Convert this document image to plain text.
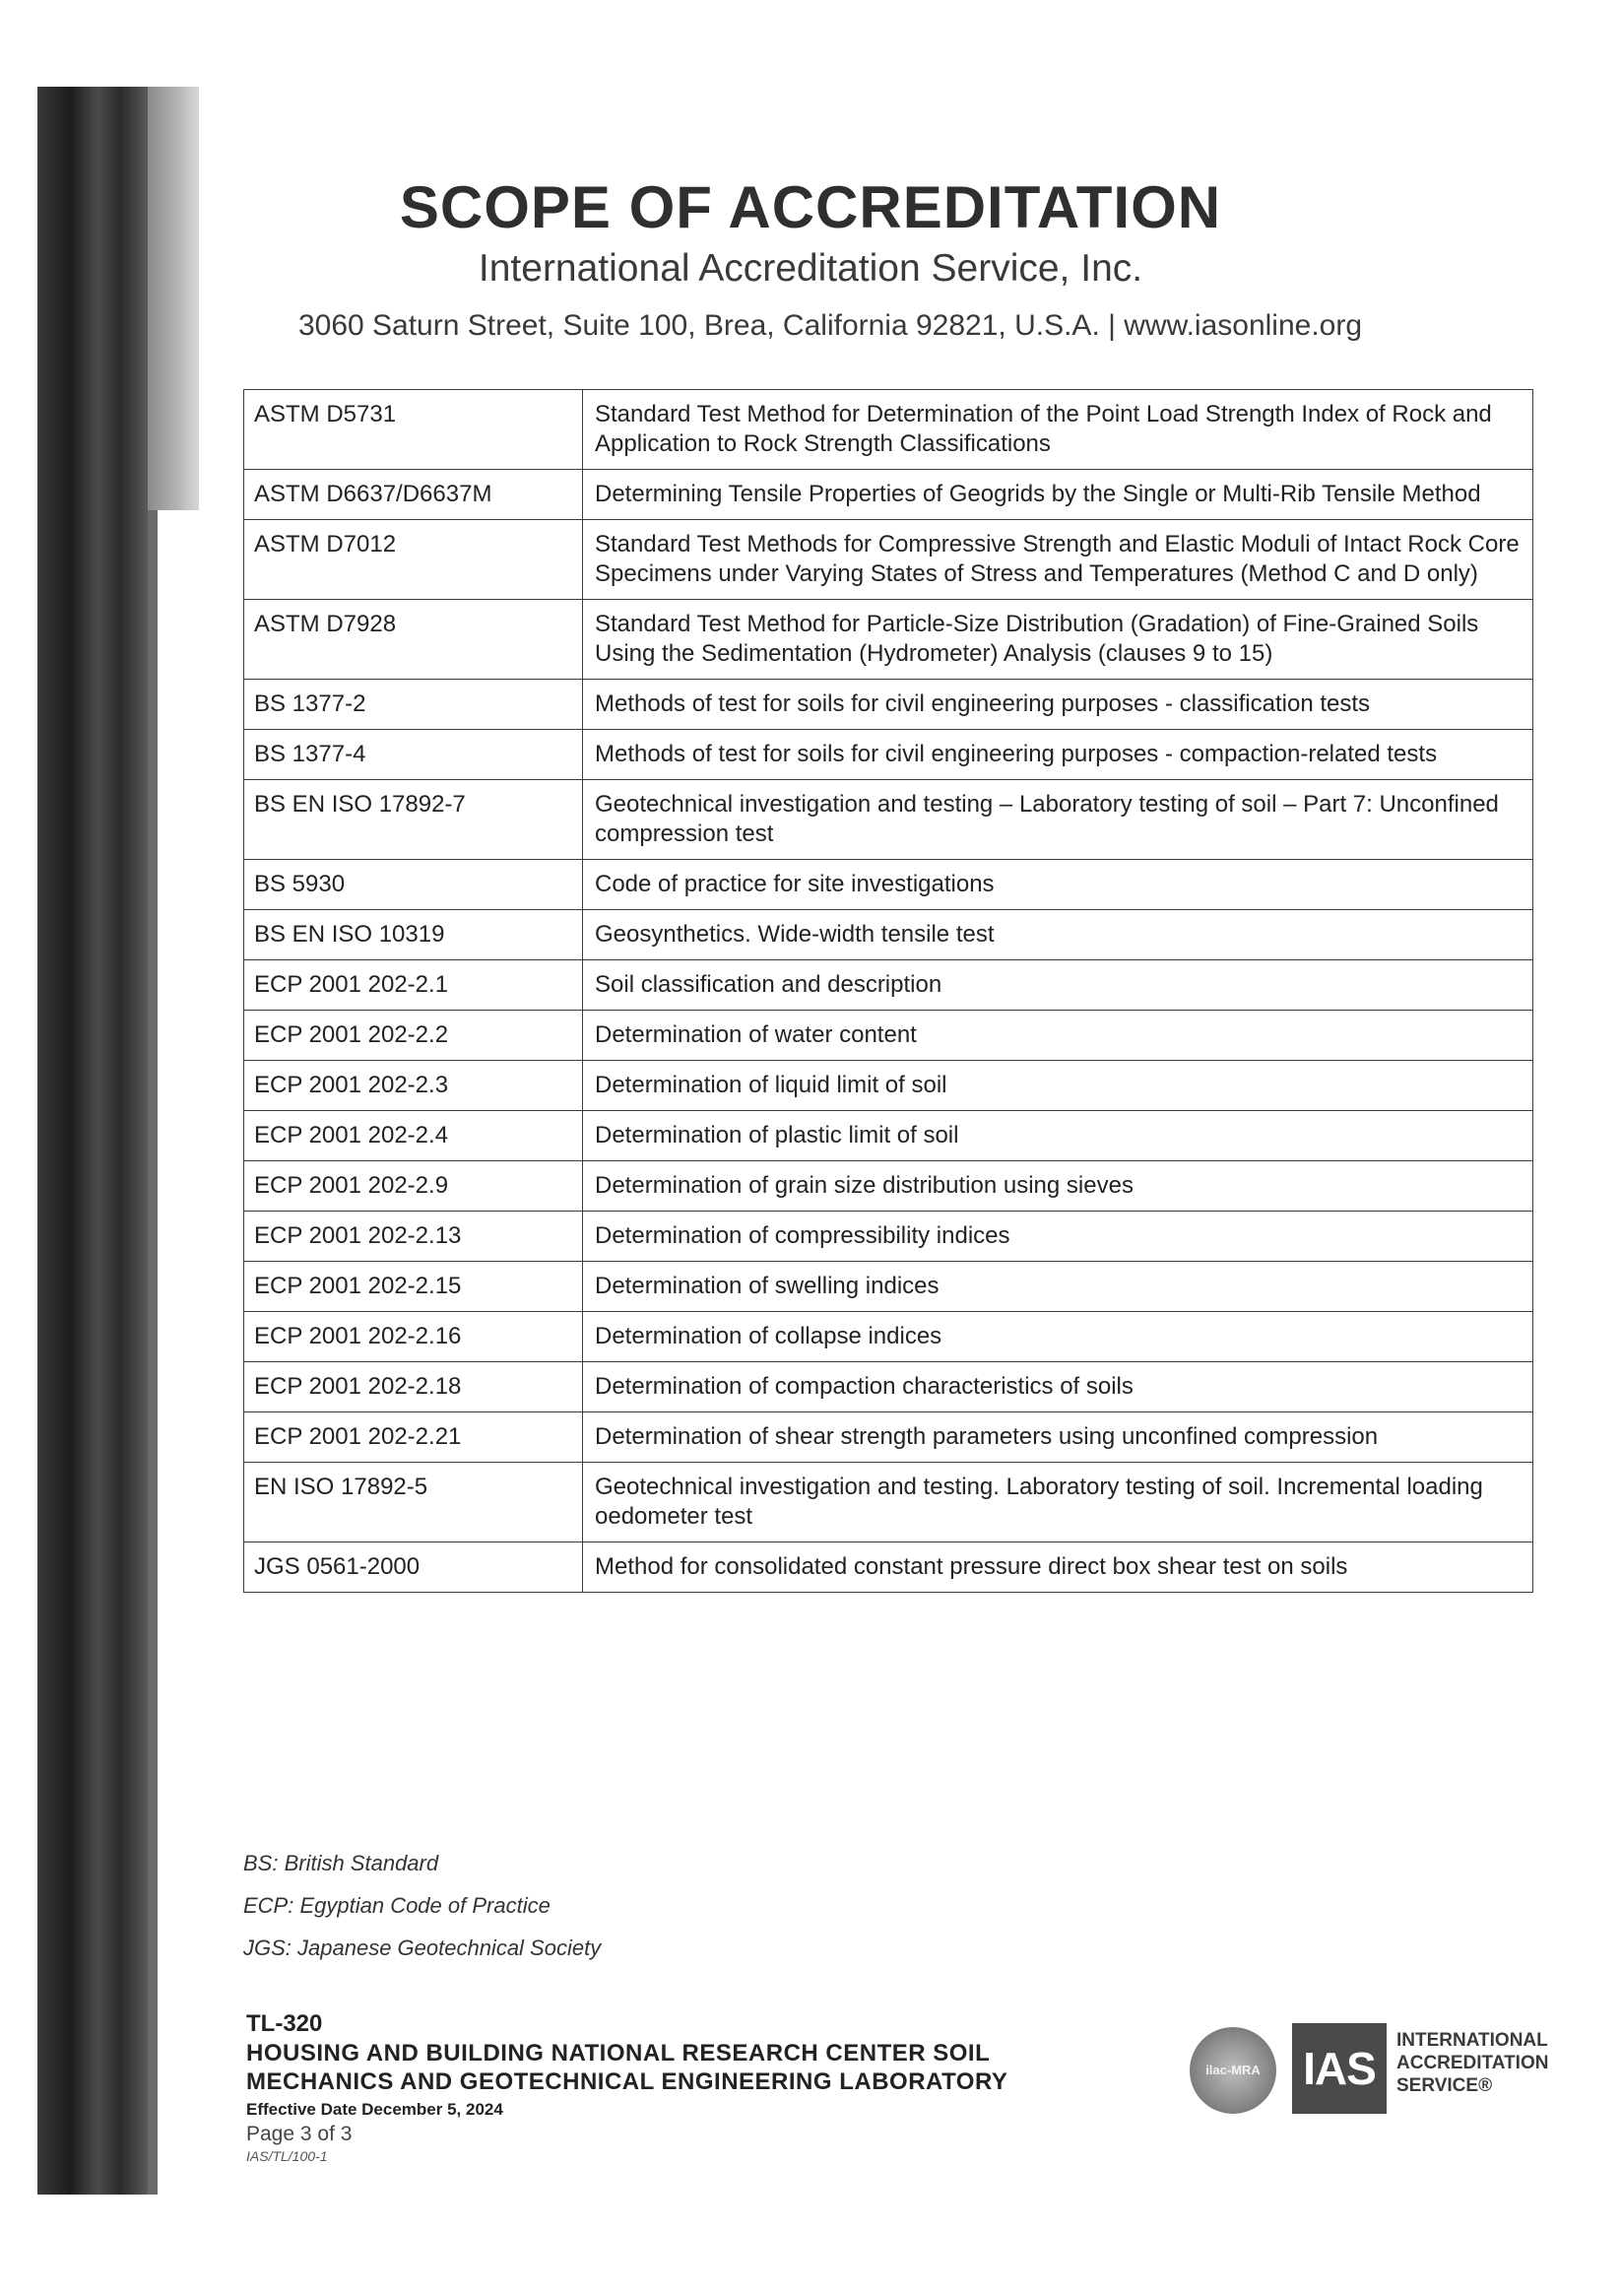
SCOPE OF ACCREDITATION
International Accreditation Service, Inc.
3060 Saturn Street, Suite 100, Brea, California 92821, U.S.A. | www.iasonline.org
ASTM D5731	Standard Test Method for Determination of the Point Load Strength Index of Rock and Application to Rock Strength Classifications
ASTM D6637/D6637M	Determining Tensile Properties of Geogrids by the Single or Multi-Rib Tensile Method
ASTM D7012	Standard Test Methods for Compressive Strength and Elastic Moduli of Intact Rock Core Specimens under Varying States of Stress and Temperatures (Method C and D only)
ASTM D7928	Standard Test Method for Particle-Size Distribution (Gradation) of Fine-Grained Soils Using the Sedimentation (Hydrometer) Analysis (clauses 9 to 15)
BS 1377-2	Methods of test for soils for civil engineering purposes - classification tests
BS 1377-4	Methods of test for soils for civil engineering purposes - compaction-related tests
BS EN ISO 17892-7	Geotechnical investigation and testing – Laboratory testing of soil – Part 7: Unconfined compression test
BS 5930	Code of practice for site investigations
BS EN ISO 10319	Geosynthetics. Wide-width tensile test
ECP 2001 202-2.1	Soil classification and description
ECP 2001 202-2.2	Determination of water content
ECP 2001 202-2.3	Determination of liquid limit of soil
ECP 2001 202-2.4	Determination of plastic limit of soil
ECP 2001 202-2.9	Determination of grain size distribution using sieves
ECP 2001 202-2.13	Determination of compressibility indices
ECP 2001 202-2.15	Determination of swelling indices
ECP 2001 202-2.16	Determination of collapse indices
ECP 2001 202-2.18	Determination of compaction characteristics of soils
ECP 2001 202-2.21	Determination of shear strength parameters using unconfined compression
EN ISO 17892-5	Geotechnical investigation and testing. Laboratory testing of soil. Incremental loading oedometer test
JGS 0561-2000	Method for consolidated constant pressure direct box shear test on soils
BS: British Standard
ECP: Egyptian Code of Practice
JGS: Japanese Geotechnical Society
TL-320
HOUSING AND BUILDING NATIONAL RESEARCH CENTER SOIL
MECHANICS AND GEOTECHNICAL ENGINEERING LABORATORY
Effective Date December 5, 2024
Page 3 of 3
IAS/TL/100-1
ilac-MRA IAS
INTERNATIONAL
ACCREDITATION
SERVICE®
